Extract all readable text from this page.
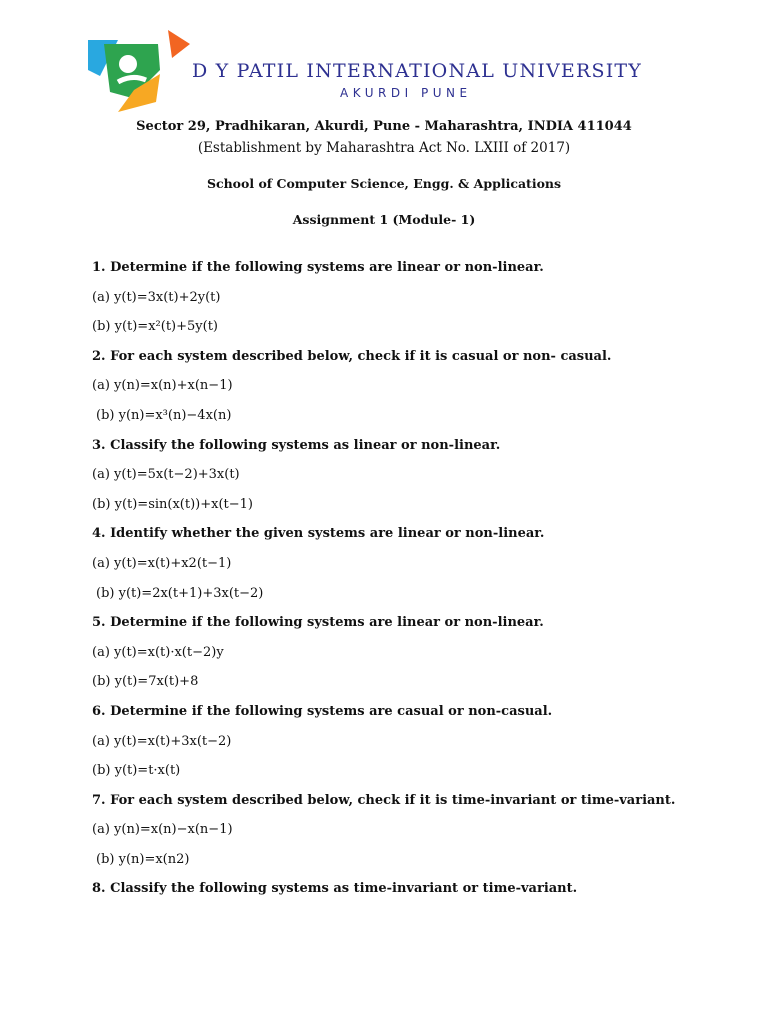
D Y PATIL INTERNATIONAL UNIVERSITY
AKURDI PUNE
Sector 29, Pradhikaran, Akurdi, Pune - Maharashtra, INDIA 411044
(Establishment by Maharashtra Act No. LXIII of 2017)
School of Computer Science, Engg. & Applications
Assignment 1 (Module- 1)
1. Determine if the following systems are linear or non-linear.
(a) y(t)=3x(t)+2y(t)
(b) y(t)=x²(t)+5y(t)
2. For each system described below, check if it is casual or non- casual.
(a) y(n)=x(n)+x(n−1)
(b) y(n)=x³(n)−4x(n)
3. Classify the following systems as linear or non-linear.
(a) y(t)=5x(t−2)+3x(t)
(b) y(t)=sin(x(t))+x(t−1)
4. Identify whether the given systems are linear or non-linear.
(a) y(t)=x(t)+x2(t−1)
(b) y(t)=2x(t+1)+3x(t−2)
5. Determine if the following systems are linear or non-linear.
(a) y(t)=x(t)·x(t−2)y
(b) y(t)=7x(t)+8
6. Determine if the following systems are casual or non-casual.
(a) y(t)=x(t)+3x(t−2)
(b) y(t)=t·x(t)
7. For each system described below, check if it is time-invariant or time-variant.
(a) y(n)=x(n)−x(n−1)
(b) y(n)=x(n2)
8. Classify the following systems as time-invariant or time-variant.
